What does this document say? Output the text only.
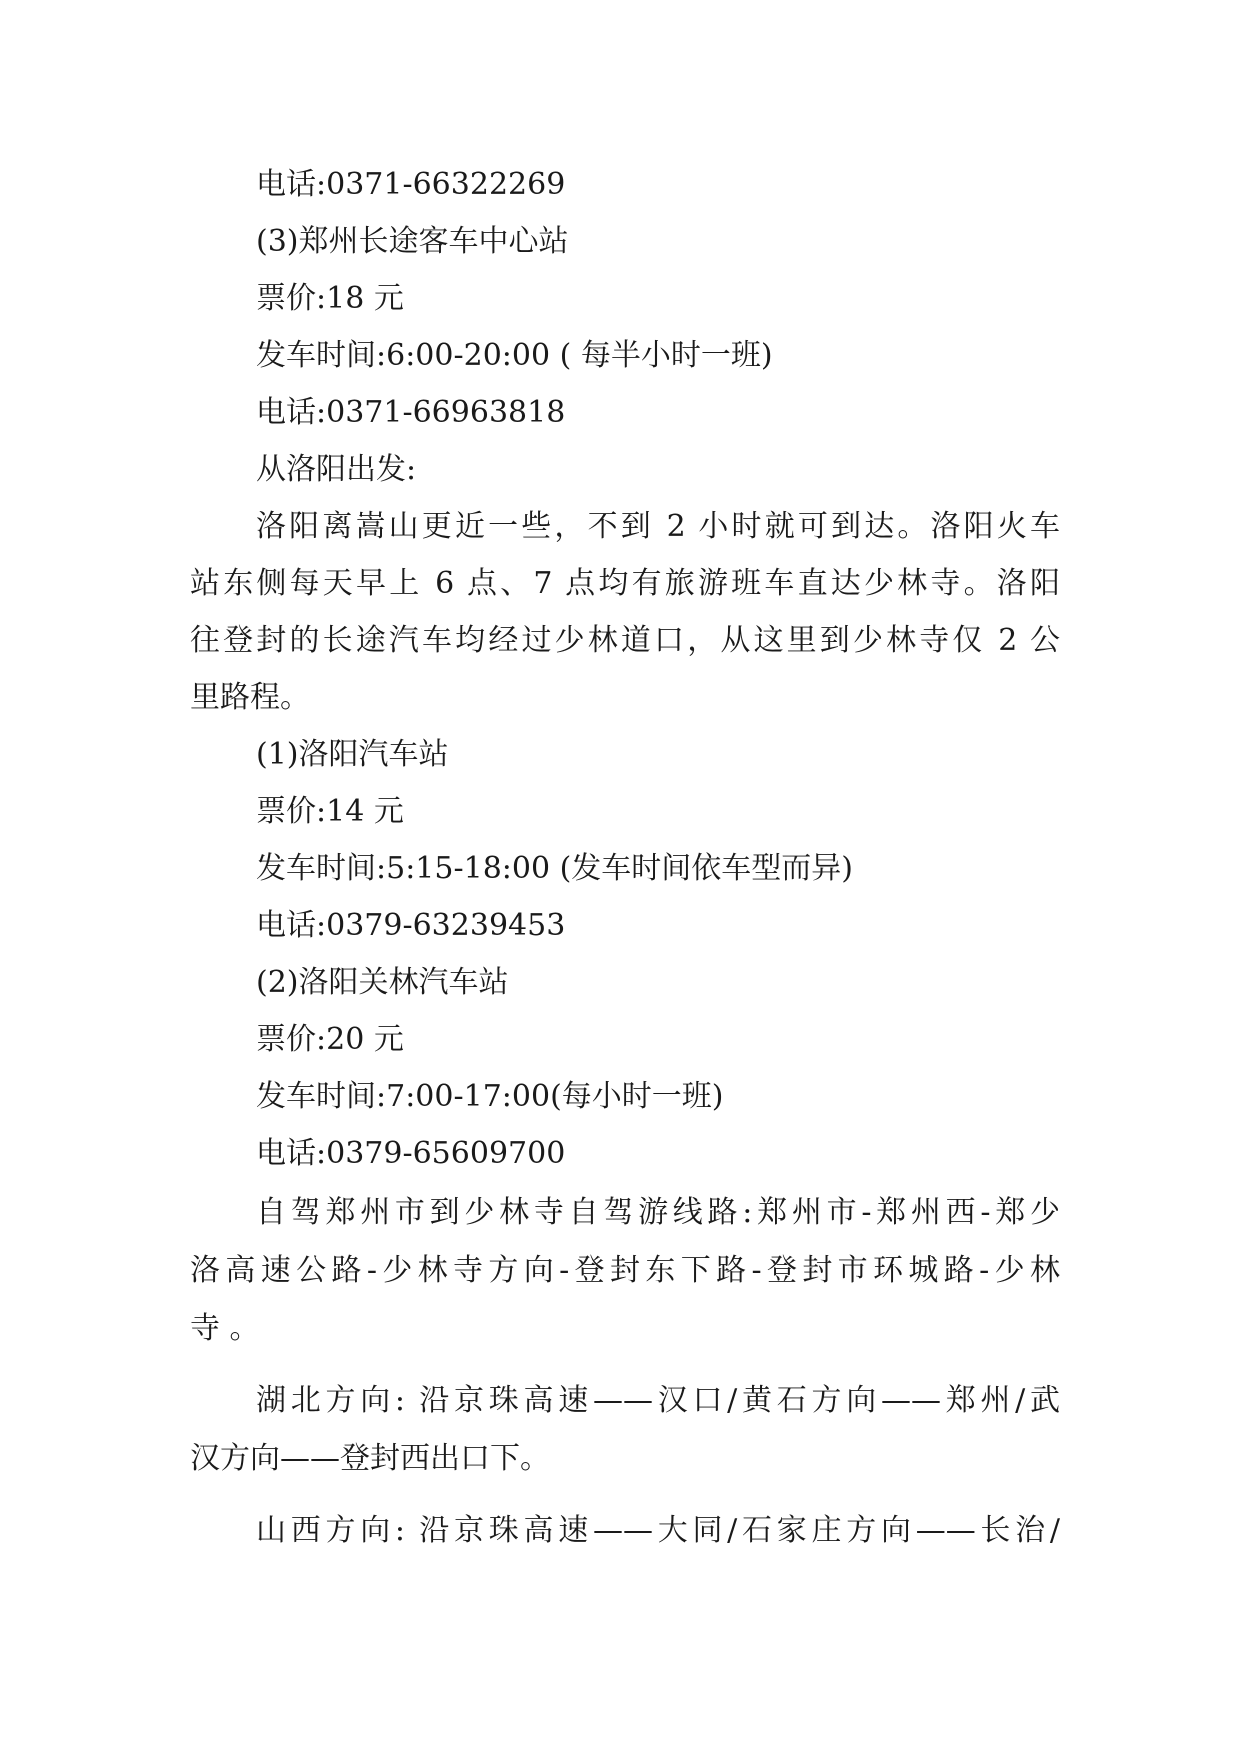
电话:0371-66322269
(3)郑州长途客车中心站
票价:18 元
发车时间:6:00-20:00 ( 每半小时一班)
电话:0371-66963818
从洛阳出发:
洛阳离嵩山更近一些，不到 2 小时就可到达。洛阳火车
站东侧每天早上 6 点、7 点均有旅游班车直达少林寺。洛阳
往登封的长途汽车均经过少林道口，从这里到少林寺仅 2 公
里路程。
(1)洛阳汽车站
票价:14 元
发车时间:5:15-18:00 (发车时间依车型而异)
电话:0379-63239453
(2)洛阳关林汽车站
票价:20 元
发车时间:7:00-17:00(每小时一班)
电话:0379-65609700
自驾郑州市到少林寺自驾游线路:郑州市-郑州西-郑少
洛高速公路-少林寺方向-登封东下路-登封市环城路-少林
寺 。
湖北方向: 沿京珠高速——汉口/黄石方向——郑州/武
汉方向——登封西出口下。
山西方向: 沿京珠高速——大同/石家庄方向——长治/
